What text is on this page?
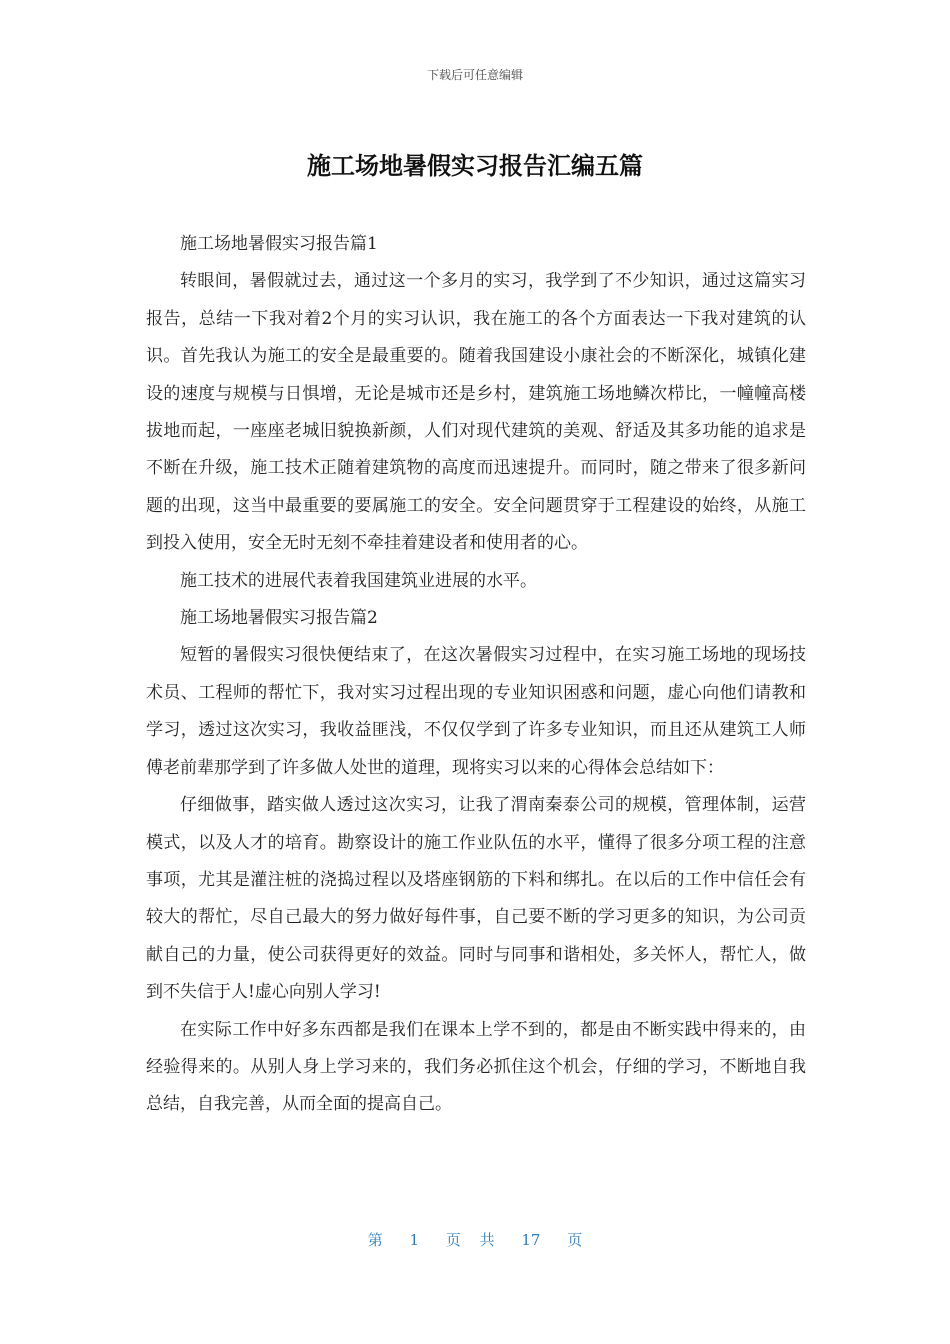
下载后可任意编辑
施工场地暑假实习报告汇编五篇

施工场地暑假实习报告篇1

转眼间，暑假就过去，通过这一个多月的实习，我学到了不少知识，通过这篇实习报告，总结一下我对着2个月的实习认识，我在施工的各个方面表达一下我对建筑的认识。首先我认为施工的安全是最重要的。随着我国建设小康社会的不断深化，城镇化建设的速度与规模与日惧增，无论是城市还是乡村，建筑施工场地鳞次栉比，一幢幢高楼拔地而起，一座座老城旧貌换新颜，人们对现代建筑的美观、舒适及其多功能的追求是不断在升级，施工技术正随着建筑物的高度而迅速提升。而同时，随之带来了很多新问题的出现，这当中最重要的要属施工的安全。安全问题贯穿于工程建设的始终，从施工到投入使用，安全无时无刻不牵挂着建设者和使用者的心。

施工技术的进展代表着我国建筑业进展的水平。

施工场地暑假实习报告篇2

短暂的暑假实习很快便结束了，在这次暑假实习过程中，在实习施工场地的现场技术员、工程师的帮忙下，我对实习过程出现的专业知识困惑和问题，虚心向他们请教和学习，透过这次实习，我收益匪浅，不仅仅学到了许多专业知识，而且还从建筑工人师傅老前辈那学到了许多做人处世的道理，现将实习以来的心得体会总结如下：

仔细做事，踏实做人透过这次实习，让我了渭南秦泰公司的规模，管理体制，运营模式，以及人才的培育。勘察设计的施工作业队伍的水平，懂得了很多分项工程的注意事项，尤其是灌注桩的浇捣过程以及塔座钢筋的下料和绑扎。在以后的工作中信任会有较大的帮忙，尽自己最大的努力做好每件事，自己要不断的学习更多的知识，为公司贡献自己的力量，使公司获得更好的效益。同时与同事和谐相处，多关怀人，帮忙人，做到不失信于人!虚心向别人学习!

在实际工作中好多东西都是我们在课本上学不到的，都是由不断实践中得来的，由经验得来的。从别人身上学习来的，我们务必抓住这个机会，仔细的学习，不断地自我总结，自我完善，从而全面的提高自己。

第 1 页 共 17 页
